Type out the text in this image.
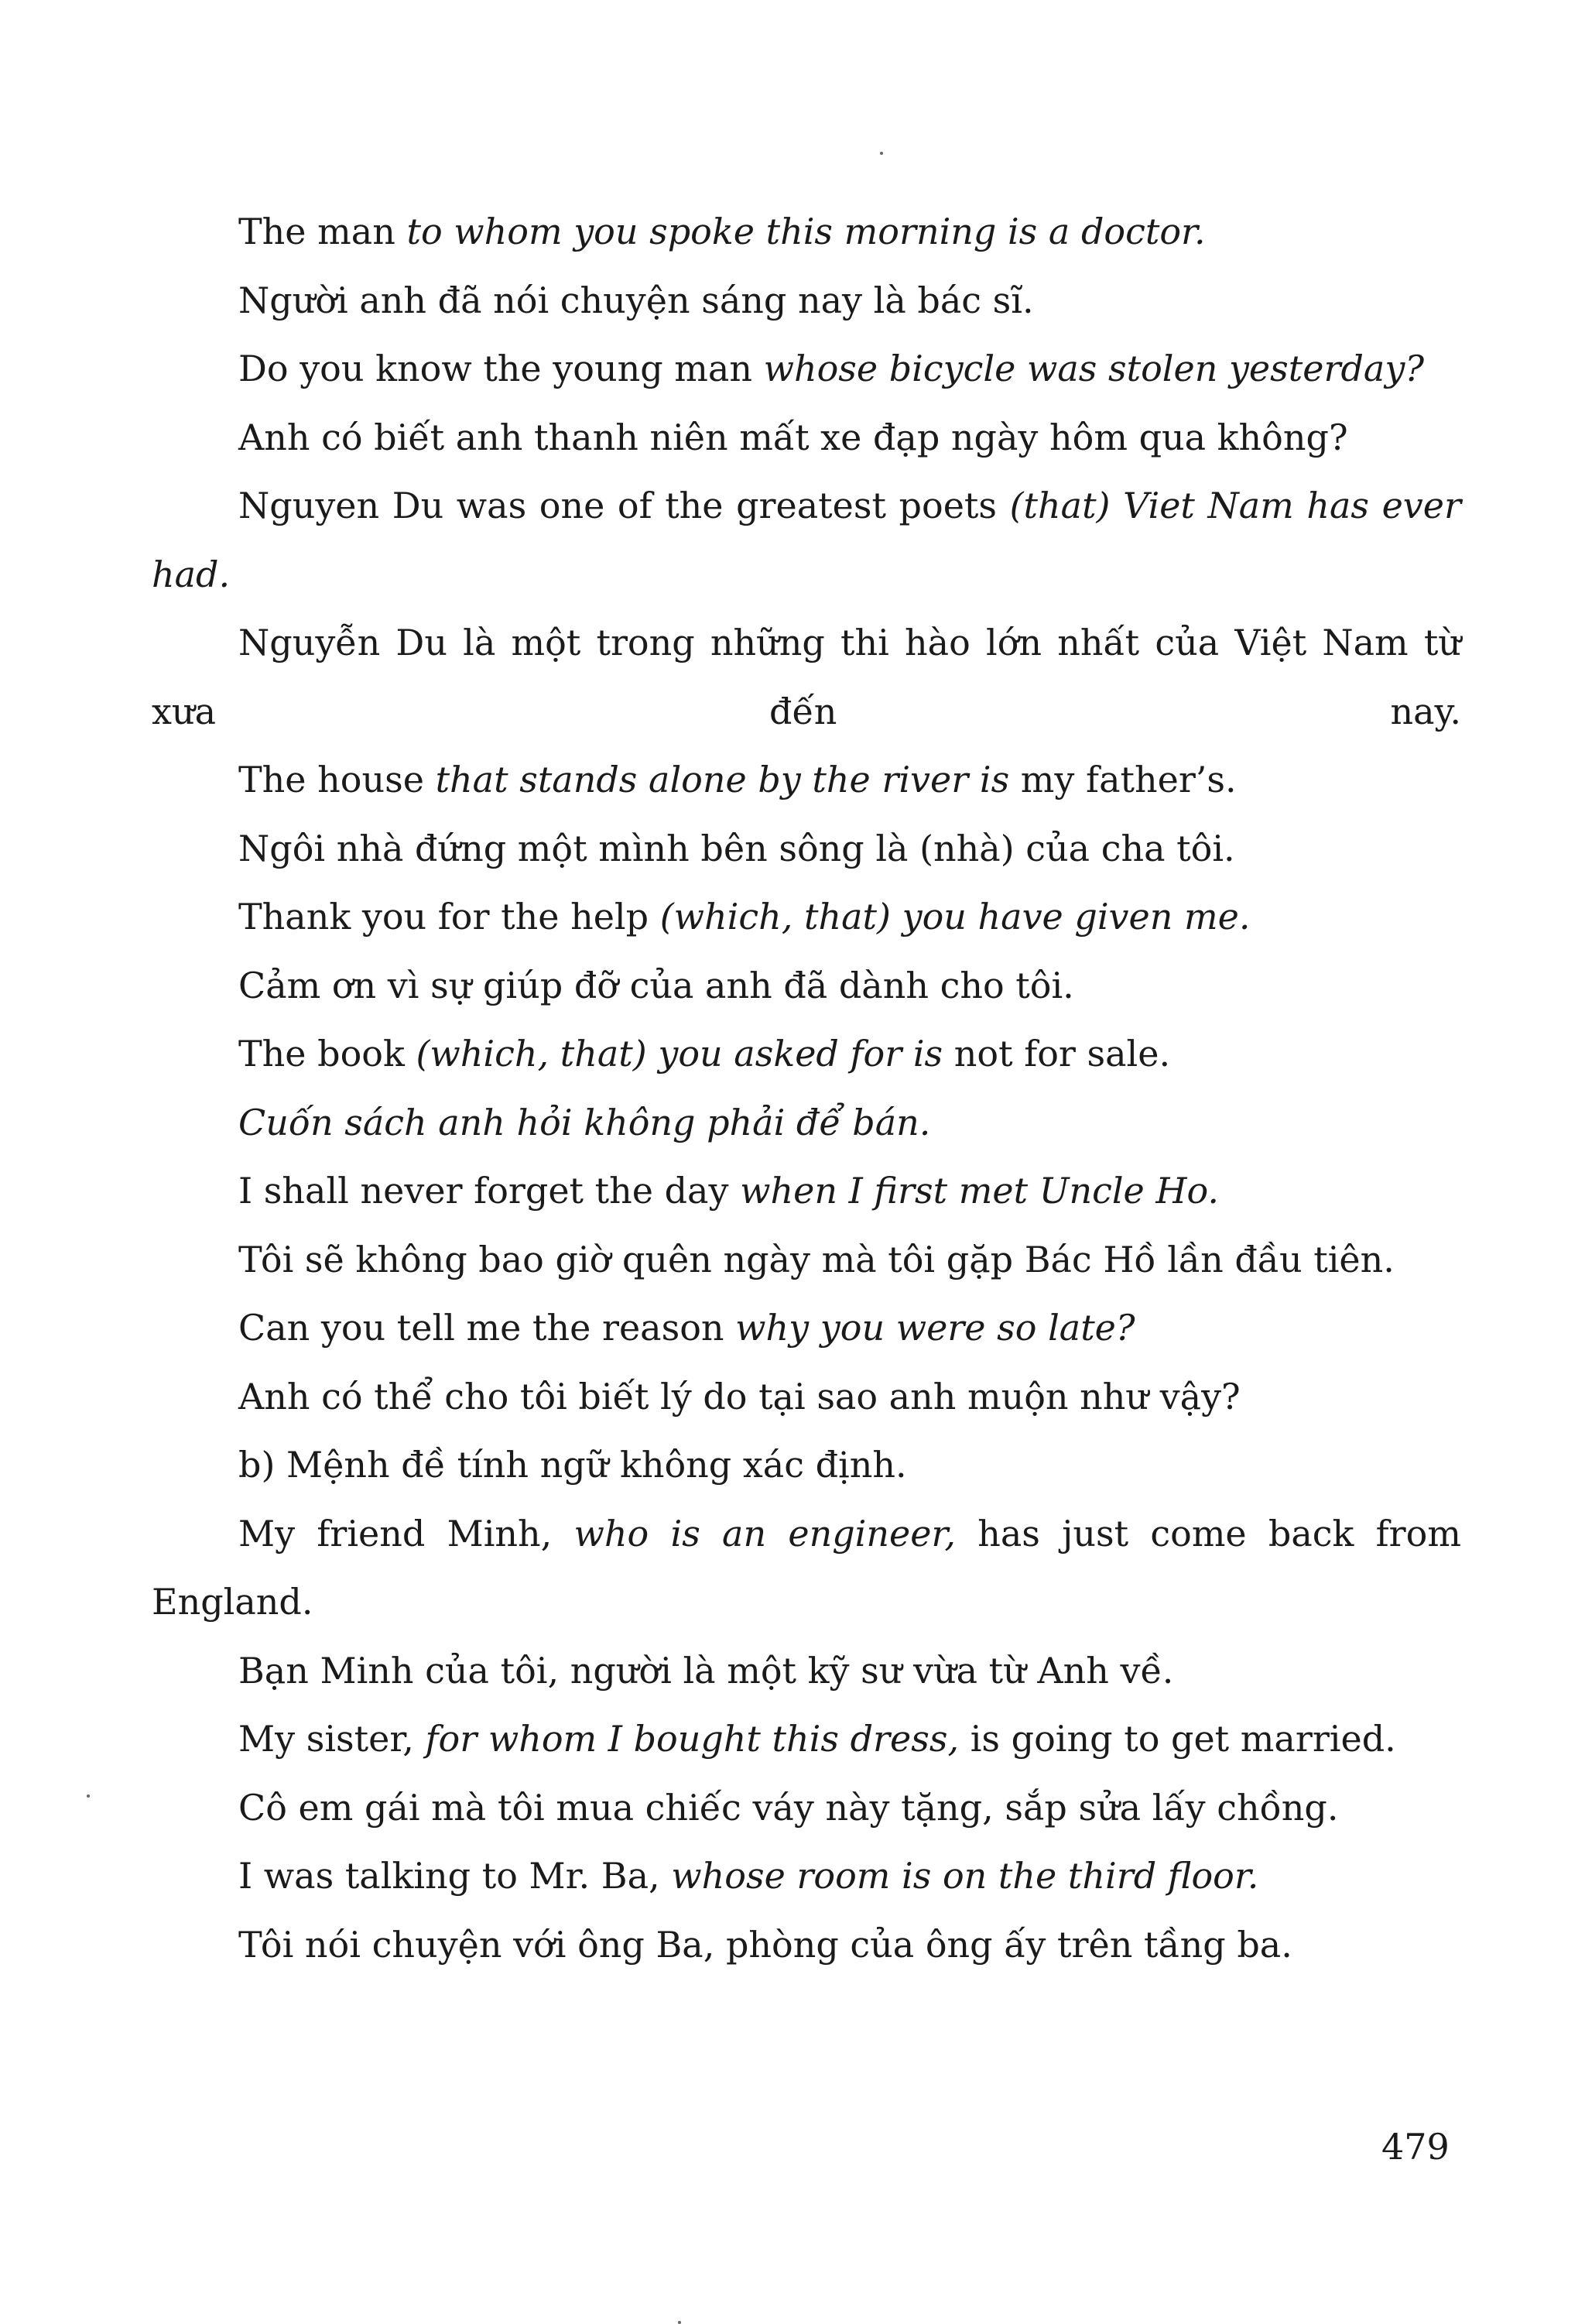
The man to whom you spoke this morning is a doctor.

Người anh đã nói chuyện sáng nay là bác sĩ.

Do you know the young man whose bicycle was stolen yesterday?

Anh có biết anh thanh niên mất xe đạp ngày hôm qua không?

Nguyen Du was one of the greatest poets (that) Viet Nam has ever had.

Nguyễn Du là một trong những thi hào lớn nhất của Việt Nam từ xưa đến nay.

The house that stands alone by the river is my father’s.

Ngôi nhà đứng một mình bên sông là (nhà) của cha tôi.

Thank you for the help (which, that) you have given me.

Cảm ơn vì sự giúp đỡ của anh đã dành cho tôi.

The book (which, that) you asked for is not for sale.

Cuốn sách anh hỏi không phải để bán.

I shall never forget the day when I first met Uncle Ho.

Tôi sẽ không bao giờ quên ngày mà tôi gặp Bác Hồ lần đầu tiên.

Can you tell me the reason why you were so late?

Anh có thể cho tôi biết lý do tại sao anh muộn như vậy?

b) Mệnh đề tính ngữ không xác định.

My friend Minh, who is an engineer, has just come back from England.

Bạn Minh của tôi, người là một kỹ sư vừa từ Anh về.

My sister, for whom I bought this dress, is going to get married.

Cô em gái mà tôi mua chiếc váy này tặng, sắp sửa lấy chồng.

I was talking to Mr. Ba, whose room is on the third floor.

Tôi nói chuyện với ông Ba, phòng của ông ấy trên tầng ba.

479
